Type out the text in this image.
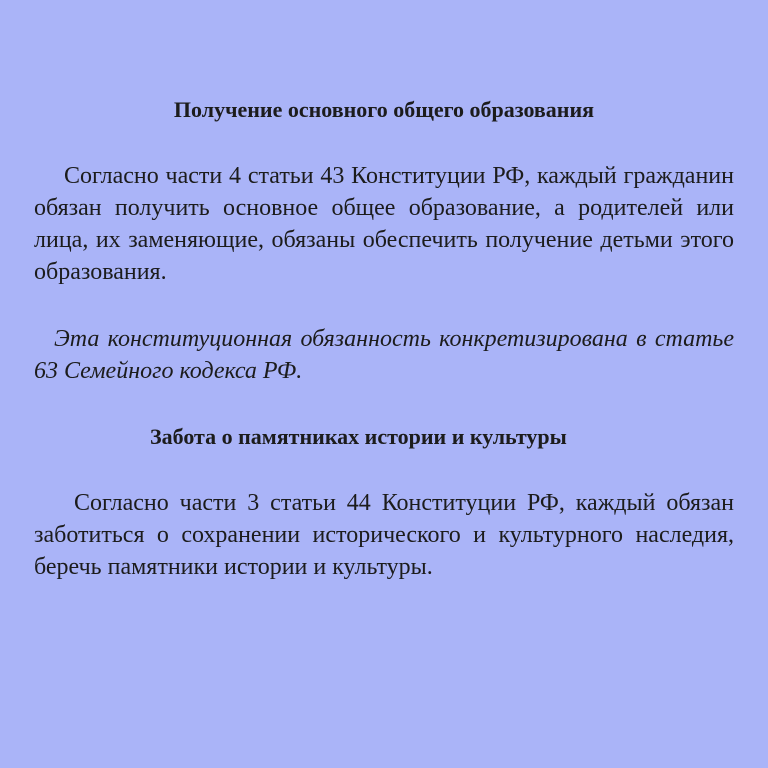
Получение основного общего образования

Согласно части 4 статьи 43 Конституции РФ, каждый гражданин обязан получить основное общее образование, а родителей или лица, их заменяющие, обязаны обеспечить получение детьми этого образования.

Эта конституционная обязанность конкретизирована в статье 63 Семейного кодекса РФ.

Забота о памятниках истории и культуры

Согласно части 3 статьи 44 Конституции РФ, каждый обязан заботиться о сохранении исторического и культурного наследия, беречь памятники истории и культуры.
